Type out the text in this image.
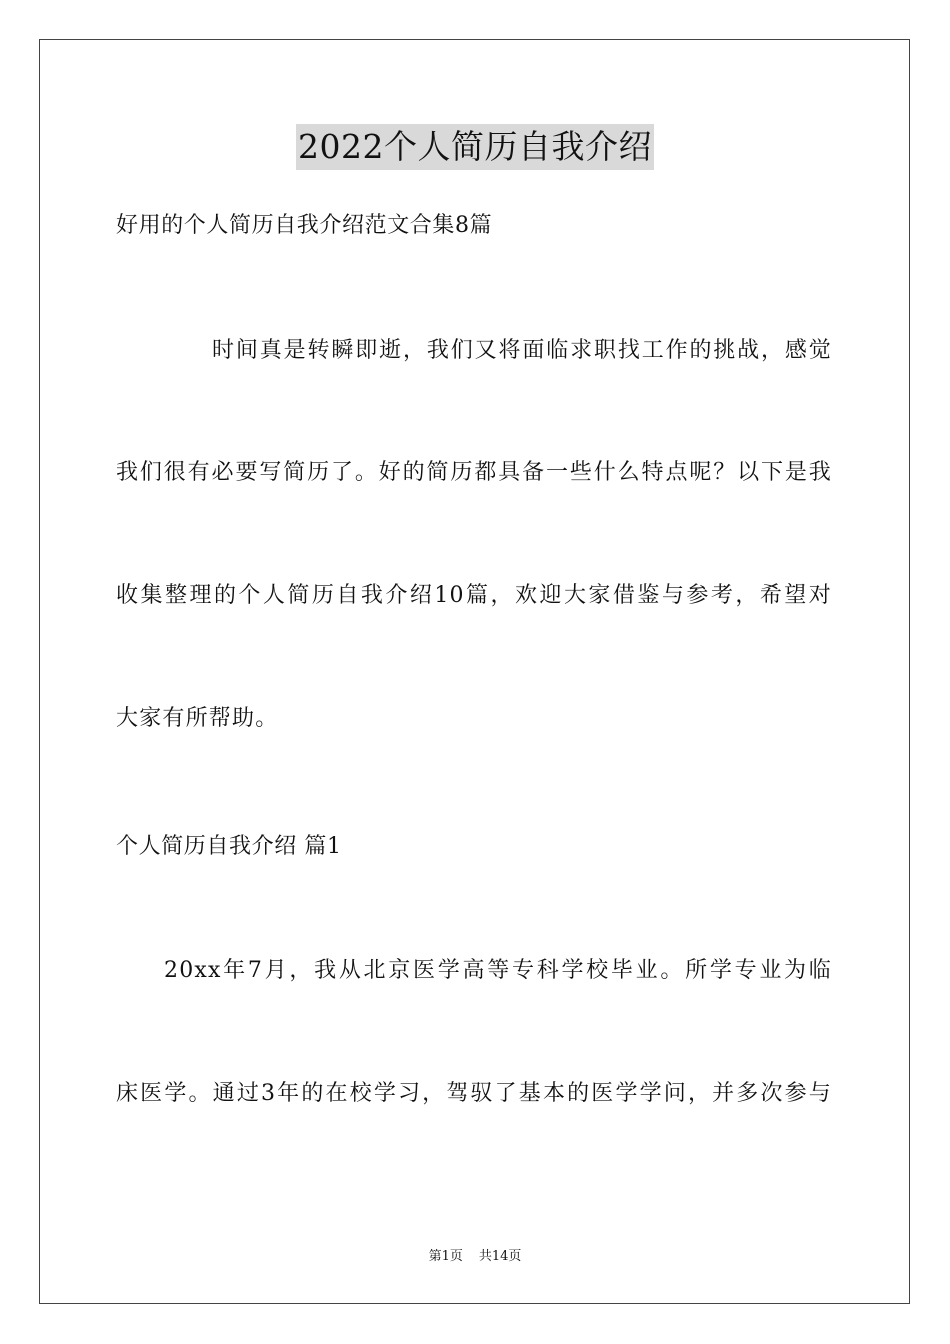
2022个人简历自我介绍
好用的个人简历自我介绍范文合集8篇
时间真是转瞬即逝，我们又将面临求职找工作的挑战，感觉
我们很有必要写简历了。好的简历都具备一些什么特点呢？以下是我
收集整理的个人简历自我介绍10篇，欢迎大家借鉴与参考，希望对
大家有所帮助。
个人简历自我介绍 篇1
20xx年7月，我从北京医学高等专科学校毕业。所学专业为临
床医学。通过3年的在校学习，驾驭了基本的医学学问，并多次参与
第1页 共14页
